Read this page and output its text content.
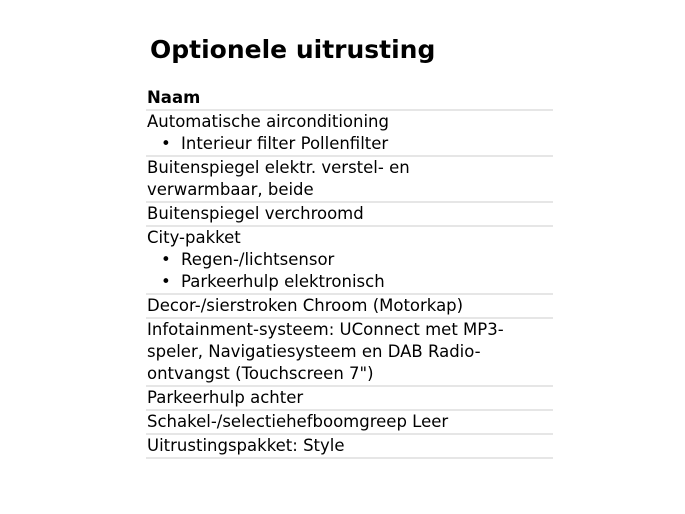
Optionele uitrusting
Naam
Automatische airconditioning
• Interieur filter Pollenfilter
Buitenspiegel elektr. verstel- en
verwarmbaar, beide
Buitenspiegel verchroomd
City-pakket
• Regen-/lichtsensor
• Parkeerhulp elektronisch
Decor-/sierstroken Chroom (Motorkap)
Infotainment-systeem: UConnect met MP3-
speler, Navigatiesysteem en DAB Radio-
ontvangst (Touchscreen 7")
Parkeerhulp achter
Schakel-/selectiehefboomgreep Leer
Uitrustingspakket: Style
